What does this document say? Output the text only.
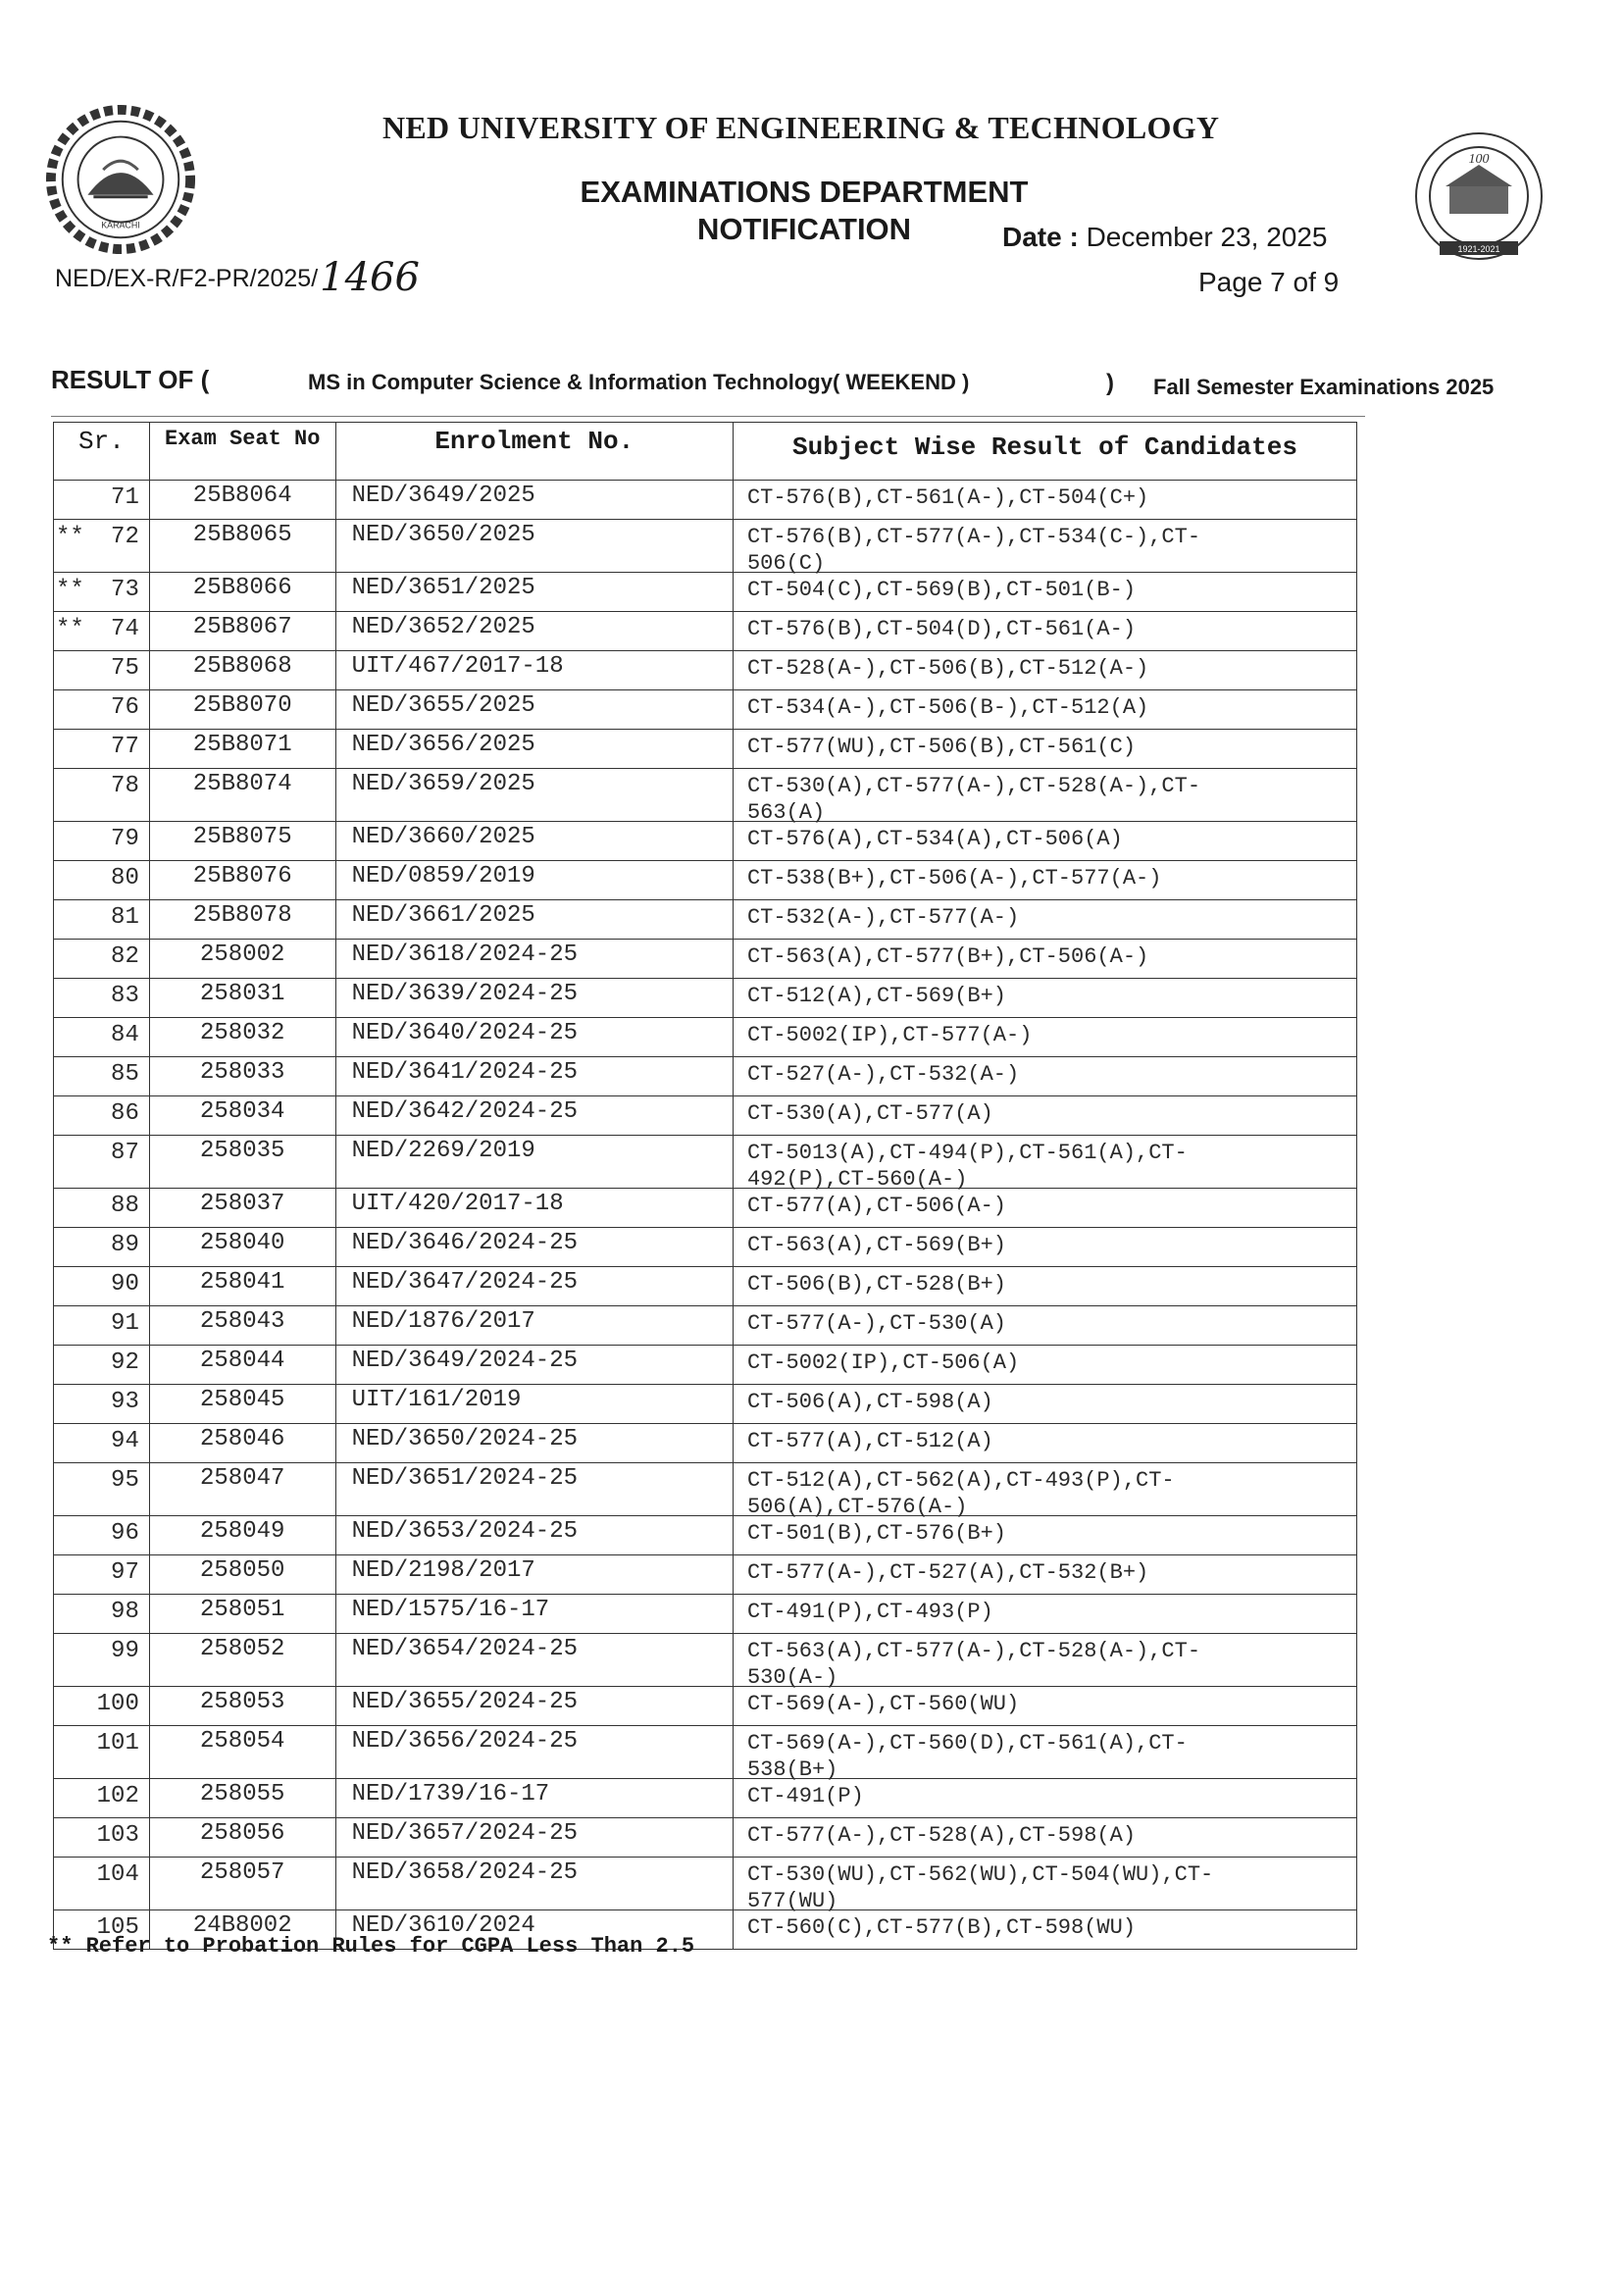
KARACHI
NED UNIVERSITY OF ENGINEERING & TECHNOLOGY
EXAMINATIONS DEPARTMENT
NOTIFICATION	Date : December 23, 2025
Page 7 of 9
NED/EX-R/F2-PR/2025/1466
1921-2021
100
RESULT OF (	MS in Computer Science & Information Technology( WEEKEND )	) Fall Semester Examinations 2025
Sr.	Exam Seat No	Enrolment No.	Subject Wise Result of Candidates
71	25B8064	NED/3649/2025	CT-576(B),CT-561(A-),CT-504(C+)
** 72	25B8065	NED/3650/2025	CT-576(B),CT-577(A-),CT-534(C-),CT-
506(C)
** 73	25B8066	NED/3651/2025	CT-504(C),CT-569(B),CT-501(B-)
** 74	25B8067	NED/3652/2025	CT-576(B),CT-504(D),CT-561(A-)
75	25B8068	UIT/467/2017-18	CT-528(A-),CT-506(B),CT-512(A-)
76	25B8070	NED/3655/2025	CT-534(A-),CT-506(B-),CT-512(A)
77	25B8071	NED/3656/2025	CT-577(WU),CT-506(B),CT-561(C)
78	25B8074	NED/3659/2025	CT-530(A),CT-577(A-),CT-528(A-),CT-
563(A)
79	25B8075	NED/3660/2025	CT-576(A),CT-534(A),CT-506(A)
80	25B8076	NED/0859/2019	CT-538(B+),CT-506(A-),CT-577(A-)
81	25B8078	NED/3661/2025	CT-532(A-),CT-577(A-)
82	258002	NED/3618/2024-25	CT-563(A),CT-577(B+),CT-506(A-)
83	258031	NED/3639/2024-25	CT-512(A),CT-569(B+)
84	258032	NED/3640/2024-25	CT-5002(IP),CT-577(A-)
85	258033	NED/3641/2024-25	CT-527(A-),CT-532(A-)
86	258034	NED/3642/2024-25	CT-530(A),CT-577(A)
87	258035	NED/2269/2019	CT-5013(A),CT-494(P),CT-561(A),CT-
492(P),CT-560(A-)
88	258037	UIT/420/2017-18	CT-577(A),CT-506(A-)
89	258040	NED/3646/2024-25	CT-563(A),CT-569(B+)
90	258041	NED/3647/2024-25	CT-506(B),CT-528(B+)
91	258043	NED/1876/2017	CT-577(A-),CT-530(A)
92	258044	NED/3649/2024-25	CT-5002(IP),CT-506(A)
93	258045	UIT/161/2019	CT-506(A),CT-598(A)
94	258046	NED/3650/2024-25	CT-577(A),CT-512(A)
95	258047	NED/3651/2024-25	CT-512(A),CT-562(A),CT-493(P),CT-
506(A),CT-576(A-)
96	258049	NED/3653/2024-25	CT-501(B),CT-576(B+)
97	258050	NED/2198/2017	CT-577(A-),CT-527(A),CT-532(B+)
98	258051	NED/1575/16-17	CT-491(P),CT-493(P)
99	258052	NED/3654/2024-25	CT-563(A),CT-577(A-),CT-528(A-),CT-
530(A-)
100	258053	NED/3655/2024-25	CT-569(A-),CT-560(WU)
101	258054	NED/3656/2024-25	CT-569(A-),CT-560(D),CT-561(A),CT-
538(B+)
102	258055	NED/1739/16-17	CT-491(P)
103	258056	NED/3657/2024-25	CT-577(A-),CT-528(A),CT-598(A)
104	258057	NED/3658/2024-25	CT-530(WU),CT-562(WU),CT-504(WU),CT-
577(WU)
105	24B8002	NED/3610/2024	CT-560(C),CT-577(B),CT-598(WU)
** Refer to Probation Rules for CGPA Less Than 2.5
